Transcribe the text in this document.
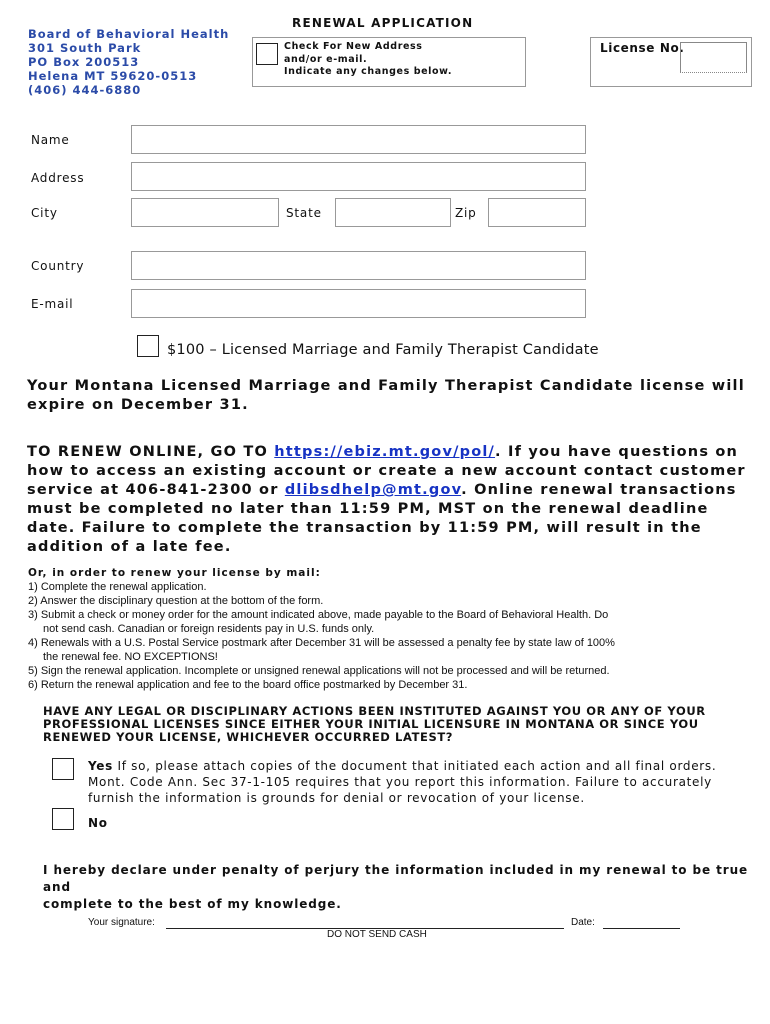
Board of Behavioral Health
301 South Park
PO Box 200513
Helena MT 59620-0513
(406) 444-6880
RENEWAL APPLICATION
Check For New Address
and/or e-mail.
Indicate any changes below.
License No.
Name
Address
City	State	Zip
Country
E-mail
$100 – Licensed Marriage and Family Therapist Candidate
Your Montana Licensed Marriage and Family Therapist Candidate license will expire on December 31.
TO RENEW ONLINE, GO TO https://ebiz.mt.gov/pol/. If you have questions on how to access an existing account or create a new account contact customer service at 406-841-2300 or dlibsdhelp@mt.gov. Online renewal transactions must be completed no later than 11:59 PM, MST on the renewal deadline date. Failure to complete the transaction by 11:59 PM, will result in the addition of a late fee.
Or, in order to renew your license by mail:
1) Complete the renewal application.
2) Answer the disciplinary question at the bottom of the form.
3) Submit a check or money order for the amount indicated above, made payable to the Board of Behavioral Health. Do
not send cash. Canadian or foreign residents pay in U.S. funds only.
4) Renewals with a U.S. Postal Service postmark after December 31 will be assessed a penalty fee by state law of 100%
the renewal fee. NO EXCEPTIONS!
5) Sign the renewal application. Incomplete or unsigned renewal applications will not be processed and will be returned.
6) Return the renewal application and fee to the board office postmarked by December 31.
HAVE ANY LEGAL OR DISCIPLINARY ACTIONS BEEN INSTITUTED AGAINST YOU OR ANY OF YOUR
PROFESSIONAL LICENSES SINCE EITHER YOUR INITIAL LICENSURE IN MONTANA OR SINCE YOU
RENEWED YOUR LICENSE, WHICHEVER OCCURRED LATEST?
Yes If so, please attach copies of the document that initiated each action and all final orders. Mont. Code Ann. Sec 37-1-105 requires that you report this information. Failure to accurately furnish the information is grounds for denial or revocation of your license.
No
I hereby declare under penalty of perjury the information included in my renewal to be true and
complete to the best of my knowledge.
Your signature:	Date:
DO NOT SEND CASH
